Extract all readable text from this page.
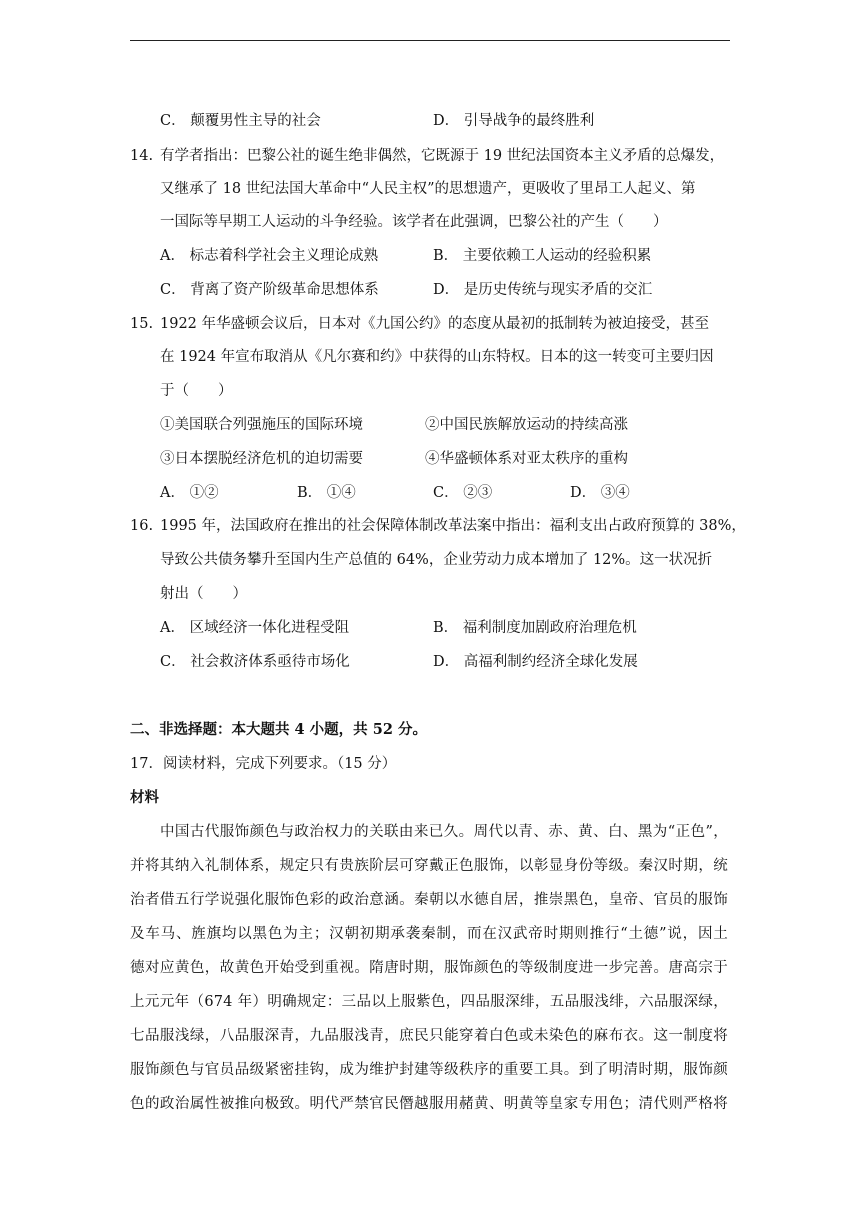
C． 颠覆男性主导的社会	D． 引导战争的最终胜利
14. 有学者指出：巴黎公社的诞生绝非偶然，它既源于 19 世纪法国资本主义矛盾的总爆发，
又继承了 18 世纪法国大革命中“人民主权”的思想遗产，更吸收了里昂工人起义、第
一国际等早期工人运动的斗争经验。该学者在此强调，巴黎公社的产生（　　）
A． 标志着科学社会主义理论成熟	B． 主要依赖工人运动的经验积累
C． 背离了资产阶级革命思想体系	D． 是历史传统与现实矛盾的交汇
15. 1922 年华盛顿会议后，日本对《九国公约》的态度从最初的抵制转为被迫接受，甚至
在 1924 年宣布取消从《凡尔赛和约》中获得的山东特权。日本的这一转变可主要归因
于（　　）
①美国联合列强施压的国际环境	②中国民族解放运动的持续高涨
③日本摆脱经济危机的迫切需要	④华盛顿体系对亚太秩序的重构
A． ①②	B． ①④	C． ②③	D． ③④
16. 1995 年，法国政府在推出的社会保障体制改革法案中指出：福利支出占政府预算的 38%，
导致公共债务攀升至国内生产总值的 64%，企业劳动力成本增加了 12%。这一状况折
射出（　　）
A． 区域经济一体化进程受阻	B． 福利制度加剧政府治理危机
C． 社会救济体系亟待市场化	D． 高福利制约经济全球化发展
二、非选择题：本大题共 4 小题，共 52 分。
17．阅读材料，完成下列要求。（15 分）
材料
中国古代服饰颜色与政治权力的关联由来已久。周代以青、赤、黄、白、黑为“正色”，
并将其纳入礼制体系，规定只有贵族阶层可穿戴正色服饰，以彰显身份等级。秦汉时期，统
治者借五行学说强化服饰色彩的政治意涵。秦朝以水德自居，推崇黑色，皇帝、官员的服饰
及车马、旌旗均以黑色为主；汉朝初期承袭秦制，而在汉武帝时期则推行“土德”说，因土
德对应黄色，故黄色开始受到重视。隋唐时期，服饰颜色的等级制度进一步完善。唐高宗于
上元元年（674 年）明确规定：三品以上服紫色，四品服深绯，五品服浅绯，六品服深绿，
七品服浅绿，八品服深青，九品服浅青，庶民只能穿着白色或未染色的麻布衣。这一制度将
服饰颜色与官员品级紧密挂钩，成为维护封建等级秩序的重要工具。到了明清时期，服饰颜
色的政治属性被推向极致。明代严禁官民僭越服用赭黄、明黄等皇家专用色；清代则严格将
